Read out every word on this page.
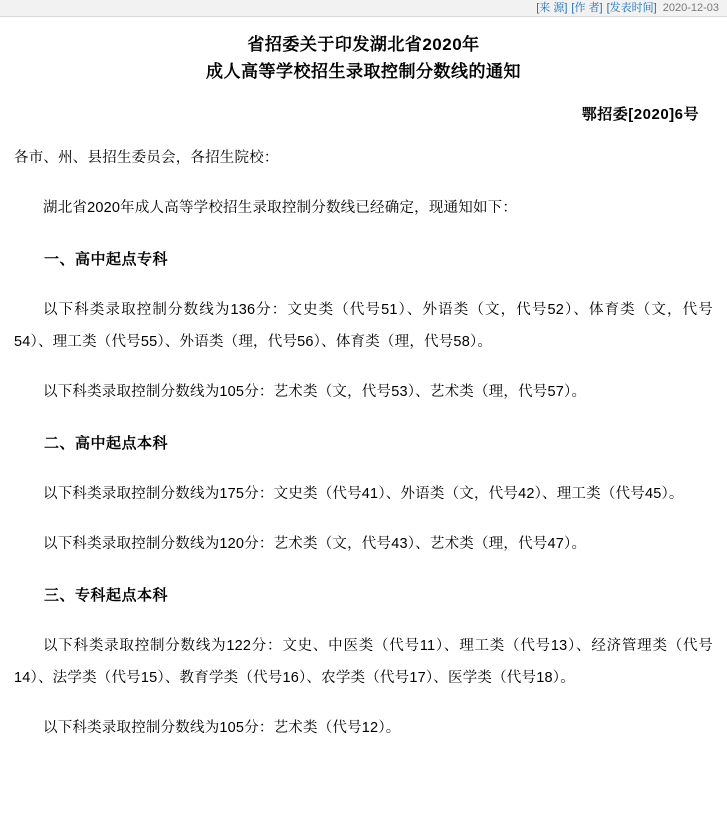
[来 源] [作 者] [发表时间] 2020-12-03
省招委关于印发湖北省2020年
成人高等学校招生录取控制分数线的通知
鄂招委[2020]6号
各市、州、县招生委员会，各招生院校：
湖北省2020年成人高等学校招生录取控制分数线已经确定，现通知如下：
一、高中起点专科
以下科类录取控制分数线为136分：文史类（代号51）、外语类（文，代号52）、体育类（文，代号54）、理工类（代号55）、外语类（理，代号56）、体育类（理，代号58）。
以下科类录取控制分数线为105分：艺术类（文，代号53）、艺术类（理，代号57）。
二、高中起点本科
以下科类录取控制分数线为175分：文史类（代号41）、外语类（文，代号42）、理工类（代号45）。
以下科类录取控制分数线为120分：艺术类（文，代号43）、艺术类（理，代号47）。
三、专科起点本科
以下科类录取控制分数线为122分：文史、中医类（代号11）、理工类（代号13）、经济管理类（代号14）、法学类（代号15）、教育学类（代号16）、农学类（代号17）、医学类（代号18）。
以下科类录取控制分数线为105分：艺术类（代号12）。
